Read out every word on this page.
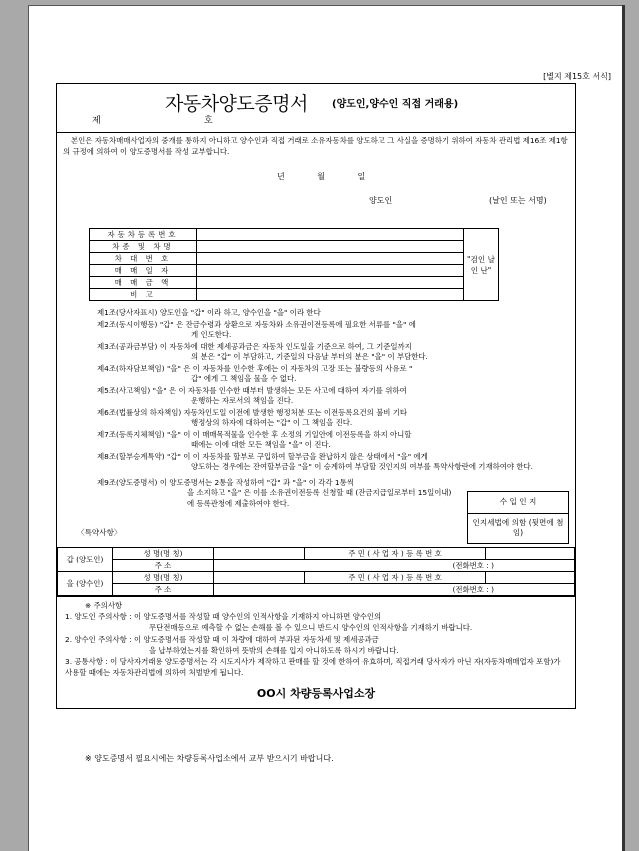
[별지 제15호 서식]
자동차양도증명서 (양도인,양수인 직접 거래용)
제	호

본인은 자동차매매사업자의 중개를 통하지 아니하고 양수인과 직접 거래로 소유자동차를 양도하고 그 사실을 증명하기 위하여 자동차 관리법 제16조 제1항의 규정에 의하여 이 양도증명서를 작성 교부합니다.

년 월 일
양도인	(날인 또는 서명)
자동차등록번호		"검인 날인 난"
차종 및 차명		
차 대 번 호		
매 매 일 자		
매 매 금 액		
비 고		
제1조(당사자표시) 양도인을 "갑" 이라 하고, 양수인을 "을" 이라 한다
제2조(동시이행등) "갑" 은 잔금수령과 상환으로 자동차와 소유권이전등록에 필요한 서류를 "을" 에
게 인도한다.
제3조(공과금부담) 이 자동차에 대한 제세공과금은 자동차 인도일을 기준으로 하여, 그 기준일까지
의 분은 "갑" 이 부담하고, 기준일의 다음날 부터의 분은 "을" 이 부담한다.
제4조(하자담보책임) "을" 은 이 자동차를 인수한 후에는 이 자동차의 고장 또는 불량등의 사유로 "
갑" 에게 그 책임을 물을 수 없다.
제5조(사고책임) "을" 은 이 자동차를 인수한 때부터 발생하는 모든 사고에 대하여 자기를 위하여
운행하는 자로서의 책임을 진다.
제6조(법률상의 하자책임) 자동차인도일 이전에 발생한 행정처분 또는 이전등록요건의 불비 기타
행정상의 하자에 대하여는 "갑" 이 그 책임을 진다.
제7조(등록지체책임) "을" 이 이 매매목적물을 인수한 후 소정의 기일안에 이전등록을 하지 아니할
때에는 이에 대한 모든 책임을 "을" 이 진다.
제8조(할부승계특약) "갑" 이 이 자동차를 할부로 구입하여 할부금을 완납하지 않은 상태에서 "을" 에게
양도하는 경우에는 잔여할부금을 "을" 이 승계하여 부담할 것인지의 여부를 특약사항란에 기재하여야 한다.
제9조(양도증명서) 이 양도증명서는 2통을 작성하여 "갑" 과 "을" 이 각각 1통씩
을 소지하고 "을" 은 이를 소유권이전등록 신청할 때 (잔금지급일로부터 15일이내)에 등록관청에 제출하여야 한다.	수 입 인 지
인지세법에 의함 (뒷면에 첨임)
〈특약사항〉
갑 (양도인)	성 명(명 칭)		주 민 ( 사 업 자 ) 등 록 번 호	
	주 소	(전화번호 : )		
을 (양수인)	성 명(명 칭)		주 민 ( 사 업 자 ) 등 록 번 호	
	주 소	(전화번호 : )		
※ 주의사항
1. 양도인 주의사항 : 이 양도증명서를 작성할 때 양수인의 인적사항을 기재하지 아니하면 양수인의
무단전매등으로 예측할 수 없는 손해를 볼 수 있으니 반드시 양수인의 인적사항을 기재하기 바랍니다.
2. 양수인 주의사항 : 이 양도증명서를 작성할 때 이 차량에 대하여 부과된 자동차세 및 제세공과금
을 납부하였는지를 확인하여 뜻밖의 손해를 입지 아니하도록 하시기 바랍니다.
3. 공통사항 : 이 당사자거래용 양도증명서는 각 시도지사가 제작하고 판매를 할 것에 한하여 유효하며, 직접거래 당사자가 아닌 자(자동차매매업자 포함)가 사용할 때에는 자동차관리법에 의하여 처벌받게 됩니다.
OO시 차량등록사업소장
※ 양도증명서 필요시에는 차량등록사업소에서 교부 받으시기 바랍니다.
